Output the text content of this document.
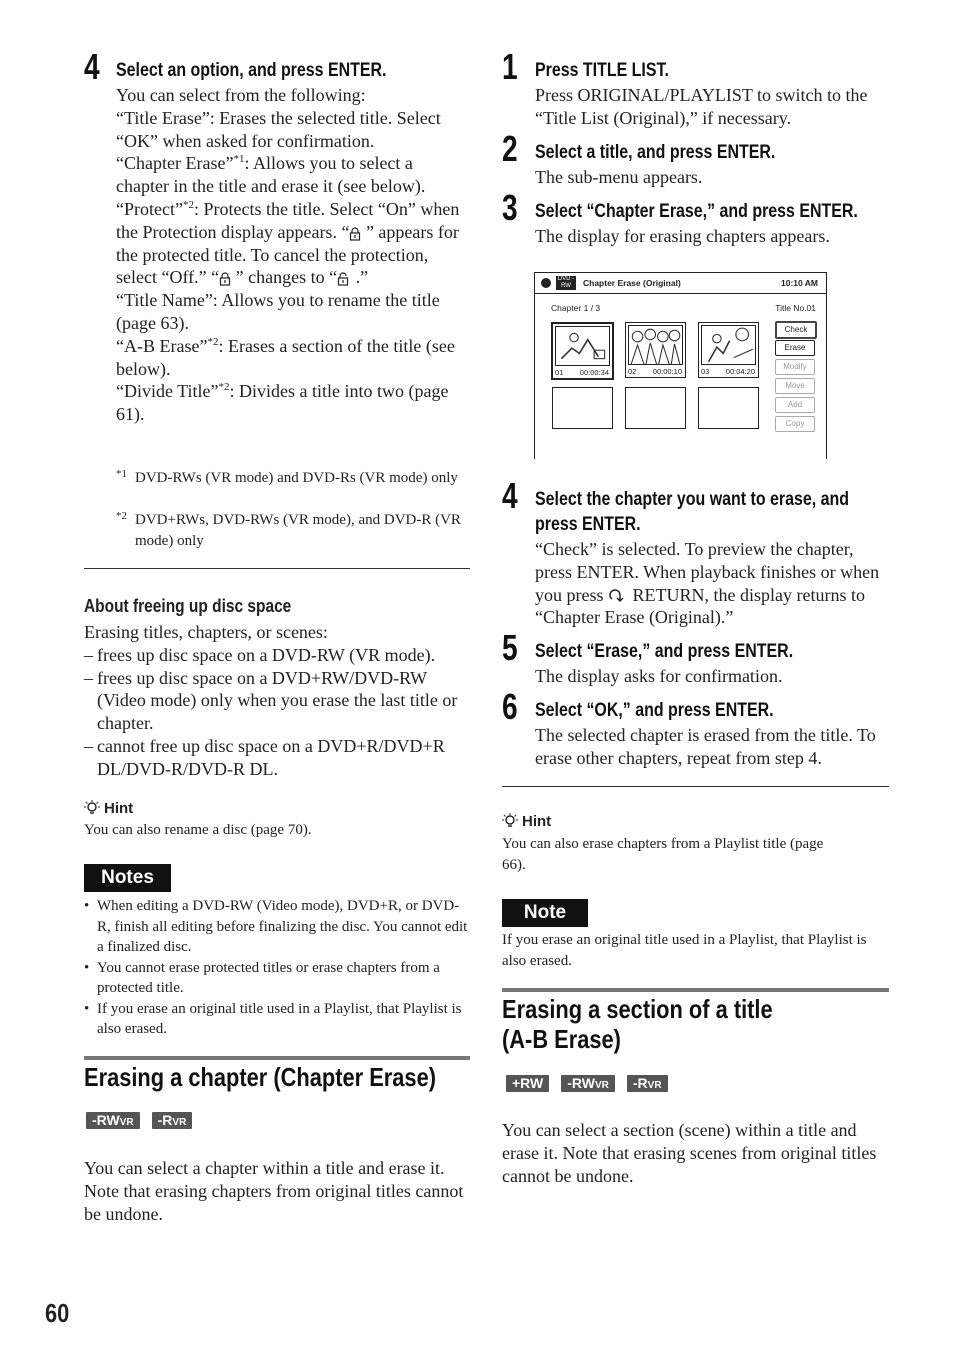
4 Select an option, and press ENTER.
You can select from the following:
“Title Erase”: Erases the selected title. Select “OK” when asked for confirmation.
“Chapter Erase”$^{*1}$: Allows you to select a chapter in the title and erase it (see below).
“Protect”$^{*2}$: Protects the title. Select “On” when the Protection display appears. “ ” appears for the protected title. To cancel the protection, select “Off.” “ ” changes to “ .”
“Title Name”: Allows you to rename the title (page 63).
“A-B Erase”$^{*2}$: Erases a section of the title (see below).
“Divide Title”$^{*2}$: Divides a title into two (page 61).
*1 DVD-RWs (VR mode) and DVD-Rs (VR mode) only
*2 DVD+RWs, DVD-RWs (VR mode), and DVD-R (VR mode) only
About freeing up disc space
Erasing titles, chapters, or scenes:
– frees up disc space on a DVD-RW (VR mode).
– frees up disc space on a DVD+RW/DVD-RW (Video mode) only when you erase the last title or chapter.
– cannot free up disc space on a DVD+R/DVD+R DL/DVD-R/DVD-R DL.
Hint
You can also rename a disc (page 70).
Notes
• When editing a DVD-RW (Video mode), DVD+R, or DVD-R, finish all editing before finalizing the disc. You cannot edit a finalized disc.
• You cannot erase protected titles or erase chapters from a protected title.
• If you erase an original title used in a Playlist, that Playlist is also erased.
Erasing a chapter (Chapter Erase)
-RWVR	-RVR
You can select a chapter within a title and erase it. Note that erasing chapters from original titles cannot be undone.
60
1 Press TITLE LIST.
Press ORIGINAL/PLAYLIST to switch to the “Title List (Original),” if necessary.
2 Select a title, and press ENTER.
The sub-menu appears.
3 Select “Chapter Erase,” and press ENTER.
The display for erasing chapters appears.
DVD -RW	Chapter Erase (Original)	10:10 AM
Chapter 1 / 3	Title No.01
01 00:00:34	02 00:00:10	03 00:04:20
Check
Erase
Modify
Move
Add
Copy
4 Select the chapter you want to erase, and
press ENTER.
“Check” is selected. To preview the chapter, press ENTER. When playback finishes or when you press  RETURN, the display returns to “Chapter Erase (Original).”
5 Select “Erase,” and press ENTER.
The display asks for confirmation.
6 Select “OK,” and press ENTER.
The selected chapter is erased from the title. To erase other chapters, repeat from step 4.
Hint
You can also erase chapters from a Playlist title (page 66).
Note
If you erase an original title used in a Playlist, that Playlist is also erased.
Erasing a section of a title
(A-B Erase)
+RW	-RWVR	-RVR
You can select a section (scene) within a title and erase it. Note that erasing scenes from original titles cannot be undone.
